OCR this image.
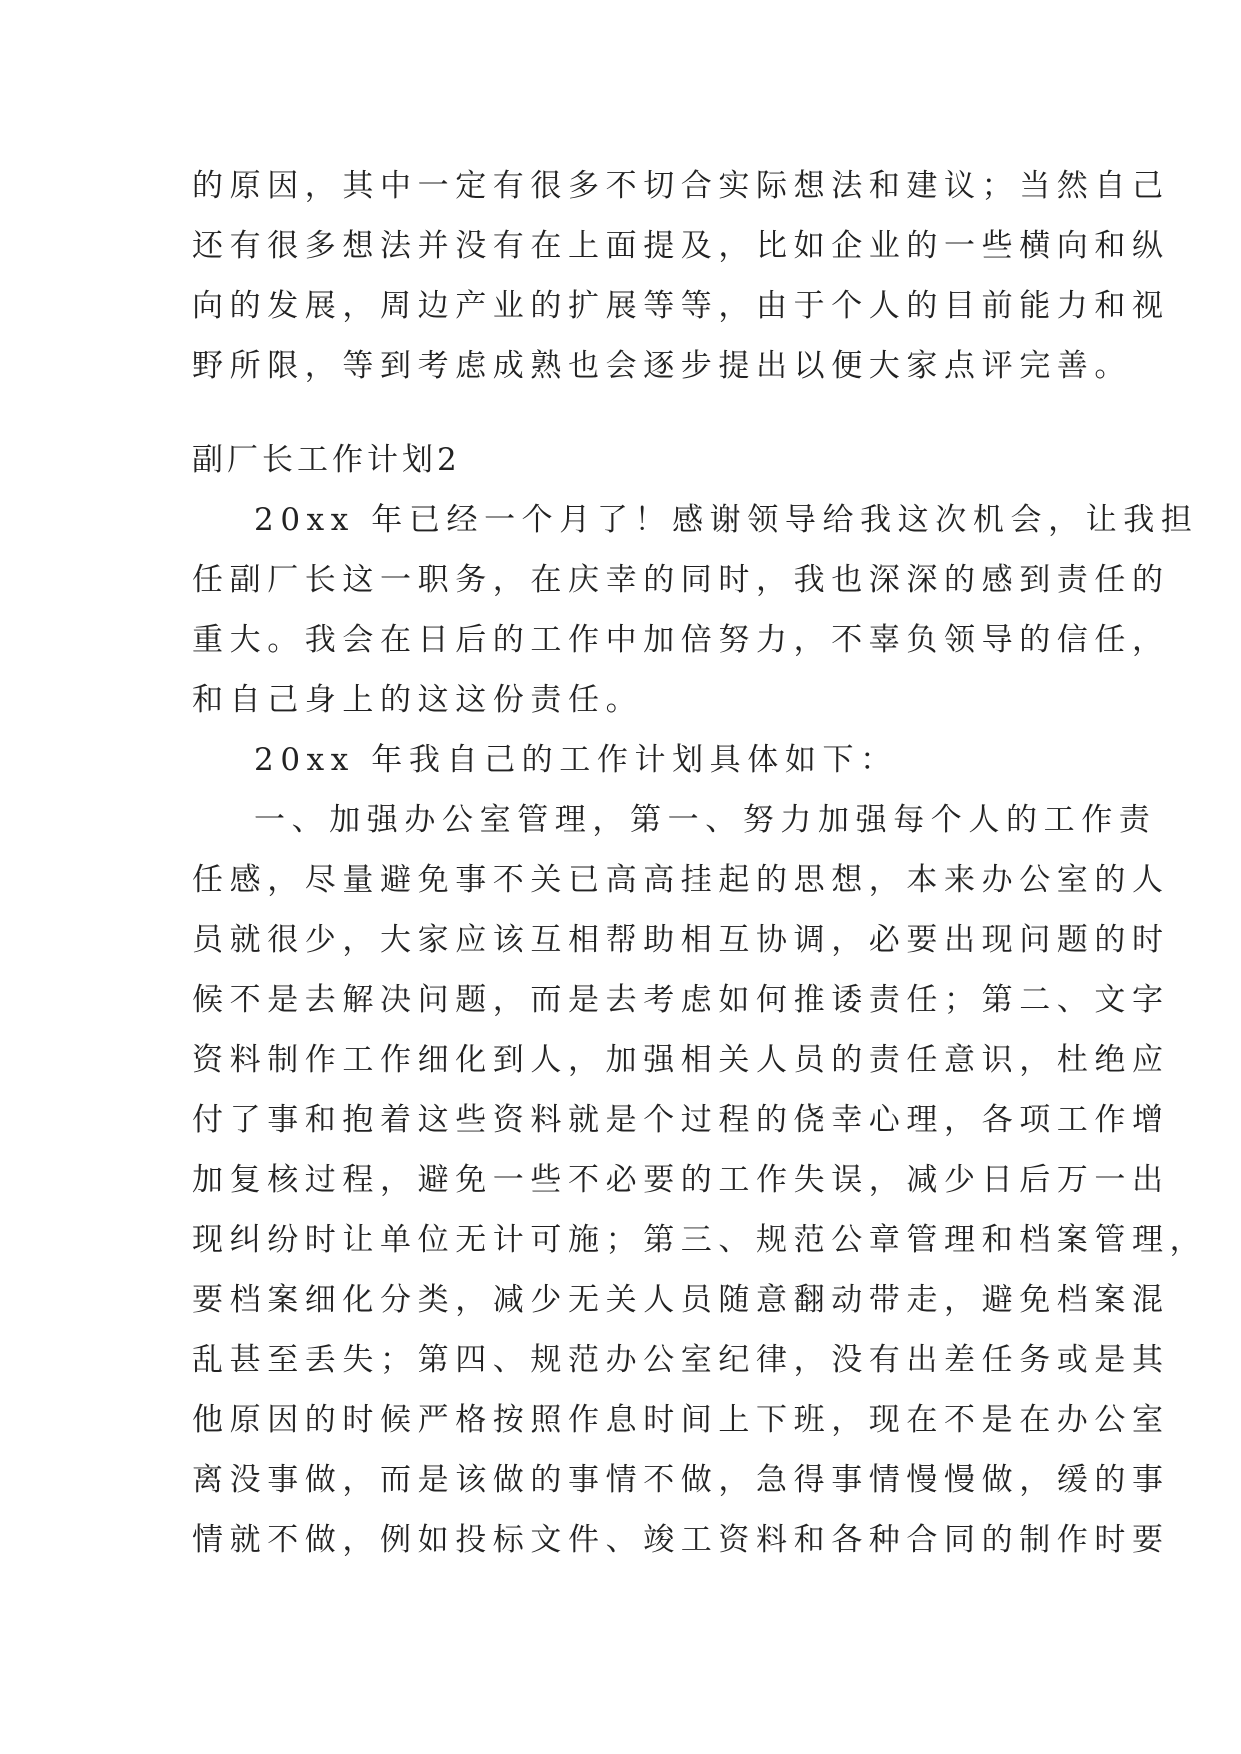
的原因，其中一定有很多不切合实际想法和建议；当然自己
还有很多想法并没有在上面提及，比如企业的一些横向和纵
向的发展，周边产业的扩展等等，由于个人的目前能力和视
野所限，等到考虑成熟也会逐步提出以便大家点评完善。
副厂长工作计划2
20xx 年已经一个月了！感谢领导给我这次机会，让我担
任副厂长这一职务，在庆幸的同时，我也深深的感到责任的
重大。我会在日后的工作中加倍努力，不辜负领导的信任，
和自己身上的这这份责任。
20xx 年我自己的工作计划具体如下：
一、加强办公室管理，第一、努力加强每个人的工作责
任感，尽量避免事不关已高高挂起的思想，本来办公室的人
员就很少，大家应该互相帮助相互协调，必要出现问题的时
候不是去解决问题，而是去考虑如何推诿责任；第二、文字
资料制作工作细化到人，加强相关人员的责任意识，杜绝应
付了事和抱着这些资料就是个过程的侥幸心理，各项工作增
加复核过程，避免一些不必要的工作失误，减少日后万一出
现纠纷时让单位无计可施；第三、规范公章管理和档案管理，
要档案细化分类，减少无关人员随意翻动带走，避免档案混
乱甚至丢失；第四、规范办公室纪律，没有出差任务或是其
他原因的时候严格按照作息时间上下班，现在不是在办公室
离没事做，而是该做的事情不做，急得事情慢慢做，缓的事
情就不做，例如投标文件、竣工资料和各种合同的制作时要
